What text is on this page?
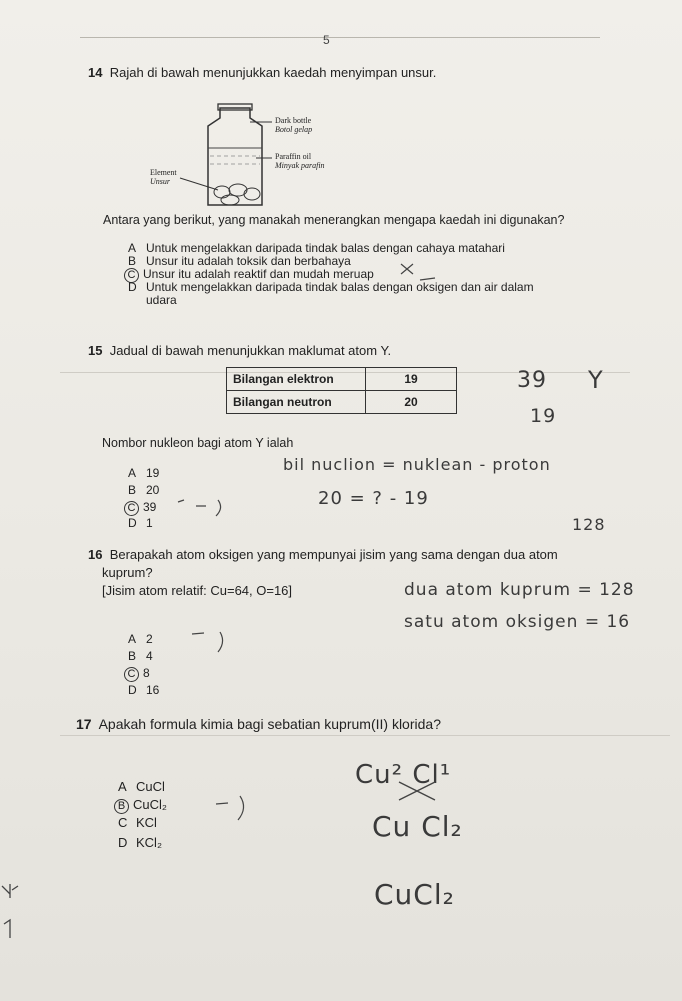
5
14 Rajah di bawah menunjukkan kaedah menyimpan unsur.
Dark bottle
Botol gelap
Paraffin oil
Minyak parafin
Element
Unsur
Antara yang berikut, yang manakah menerangkan mengapa kaedah ini digunakan?
A Untuk mengelakkan daripada tindak balas dengan cahaya matahari
B Unsur itu adalah toksik dan berbahaya
C Unsur itu adalah reaktif dan mudah meruap
D Untuk mengelakkan daripada tindak balas dengan oksigen dan air dalam
udara
15 Jadual di bawah menunjukkan maklumat atom Y.
Bilangan elektron	19
Bilangan neutron	20
39 Y
19
Nombor nukleon bagi atom Y ialah
A 19
B 20
C 39
D 1
bil nuclion = nuklean - proton
20 = ? - 19
128
16 Berapakah atom oksigen yang mempunyai jisim yang sama dengan dua atom
kuprum?
[Jisim atom relatif: Cu=64, O=16]	dua atom kuprum = 128
satu atom oksigen = 16
A 2
B 4
C 8
D 16
17 Apakah formula kimia bagi sebatian kuprum(II) klorida?
A CuCl
B CuCl₂
C KCl
D KCl₂
Cu² Cl¹
Cu Cl₂
CuCl₂
